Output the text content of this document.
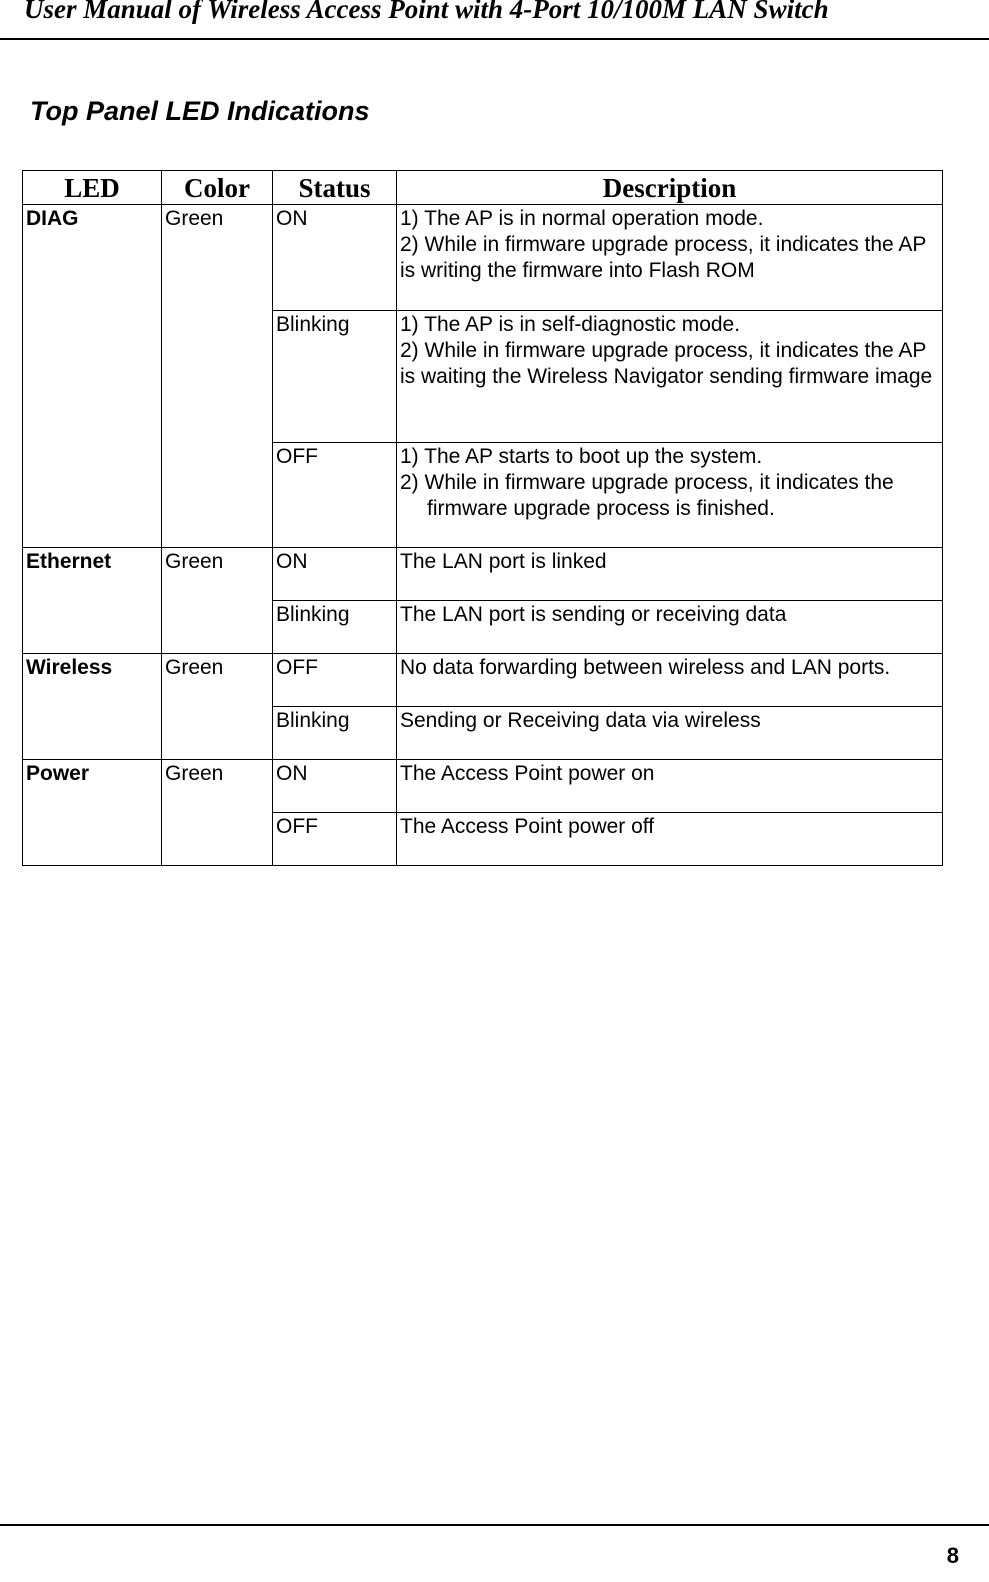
User Manual of Wireless Access Point with 4-Port 10/100M LAN Switch
Top Panel LED Indications
LED	Color	Status	Description
DIAG	Green	ON	1) The AP is in normal operation mode.
2) While in firmware upgrade process, it indicates the AP is writing the firmware into Flash ROM

		Blinking	1) The AP is in self-diagnostic mode.
2) While in firmware upgrade process, it indicates the AP is waiting the Wireless Navigator sending firmware image

		OFF	1) The AP starts to boot up the system.
2) While in firmware upgrade process, it indicates the
firmware upgrade process is finished.

Ethernet	Green	ON	The LAN port is linked
		Blinking	The LAN port is sending or receiving data
Wireless	Green	OFF	No data forwarding between wireless and LAN ports.
		Blinking	Sending or Receiving data via wireless
Power	Green	ON	The Access Point power on
		OFF	The Access Point power off
8
